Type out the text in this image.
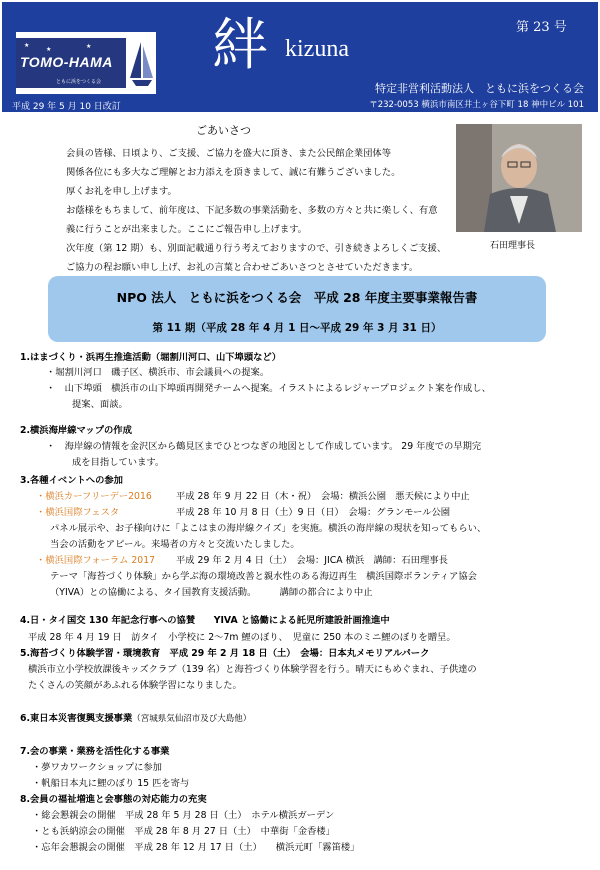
★
★	★
TOMO-HAMA
ともに浜をつくる会
平成 29 年 5 月 10 日改訂
絆 kizuna
第 23 号
特定非営利活動法人　ともに浜をつくる会
〒232-0053 横浜市南区井土ヶ谷下町 18 神中ビル 101
ごあいさつ

会員の皆様、日頃より、ご支援、ご協力を盛大に頂き、また公民館企業団体等

関係各位にも多大なご理解とお力添えを頂きまして、誠に有難うございました。

厚くお礼を申し上げます。

お蔭様をもちまして、前年度は、下記多数の事業活動を、多数の方々と共に楽しく、有意

義に行うことが出来ました。ここにご報告申し上げます。

次年度（第 12 期）も、別面記載通り行う考えておりますので、引き続きよろしくご支援、

ご協力の程お願い申し上げ、お礼の言葉と合わせごあいさつとさせていただきます。

石田理事長
NPO 法人　ともに浜をつくる会　平成 28 年度主要事業報告書
第 11 期（平成 28 年 4 月 1 日～平成 29 年 3 月 31 日）
1.はまづくり・浜再生推進活動（堀割川河口、山下埠頭など）
・堀割川河口　磯子区、横浜市、市会議員への提案。
・　山下埠頭　横浜市の山下埠頭再開発チームへ提案。イラストによるレジャープロジェクト案を作成し、
提案、面談。
2.横浜海岸線マップの作成
・　海岸線の情報を金沢区から鶴見区までひとつなぎの地図として作成しています。 29 年度での早期完
成を目指しています。
3.各種イベントへの参加
・横浜カーフリーデー2016	平成 28 年 9 月 22 日（木・祝）　会場：横浜公園　悪天候により中止
・横浜国際フェスタ	平成 28 年 10 月 8 日（土）9 日（日）　会場：グランモール公園
パネル展示や、お子様向けに「よこはまの海岸線クイズ」を実施。横浜の海岸線の現状を知ってもらい、
当会の活動をアピール。来場者の方々と交流いたしました。
・横浜国際フォーラム 2017 平成 29 年 2 月 4 日（土）　会場：JICA 横浜　講師：石田理事長
テーマ「海苔づくり体験」から学ぶ海の環境改善と親水性のある海辺再生　横浜国際ボランティア協会
（YIVA）との協働による、タイ国教育支援活動。　　　講師の都合により中止
4.日・タイ国交 130 年記念行事への協賛　　YIVA と協働による託児所建設計画推進中
平成 28 年 4 月 19 日　訪タイ　小学校に 2～7m 鯉のぼり、　児童に 250 本のミニ鯉のぼりを贈呈。
5.海苔づくり体験学習・環境教育　平成 29 年 2 月 18 日（土）　会場：日本丸メモリアルパーク
横浜市立小学校放課後キッズクラブ（139 名）と海苔づくり体験学習を行う。晴天にもめぐまれ、子供達の
たくさんの笑顔があふれる体験学習になりました。
6.東日本災害復興支援事業（宮城県気仙沼市及び大島他）
7.会の事業・業務を活性化する事業
・夢ワカワークショップに参加
・帆船日本丸に鯉のぼり 15 匹を寄与
8.会員の福祉増進と会事態の対応能力の充実
・総会懇親会の開催　平成 28 年 5 月 28 日（土）　ホテル横浜ガーデン
・とも浜納涼会の開催　平成 28 年 8 月 27 日（土）　中華街「金香楼」
・忘年会懇親会の開催　平成 28 年 12 月 17 日（土）　　横浜元町「霧笛楼」
